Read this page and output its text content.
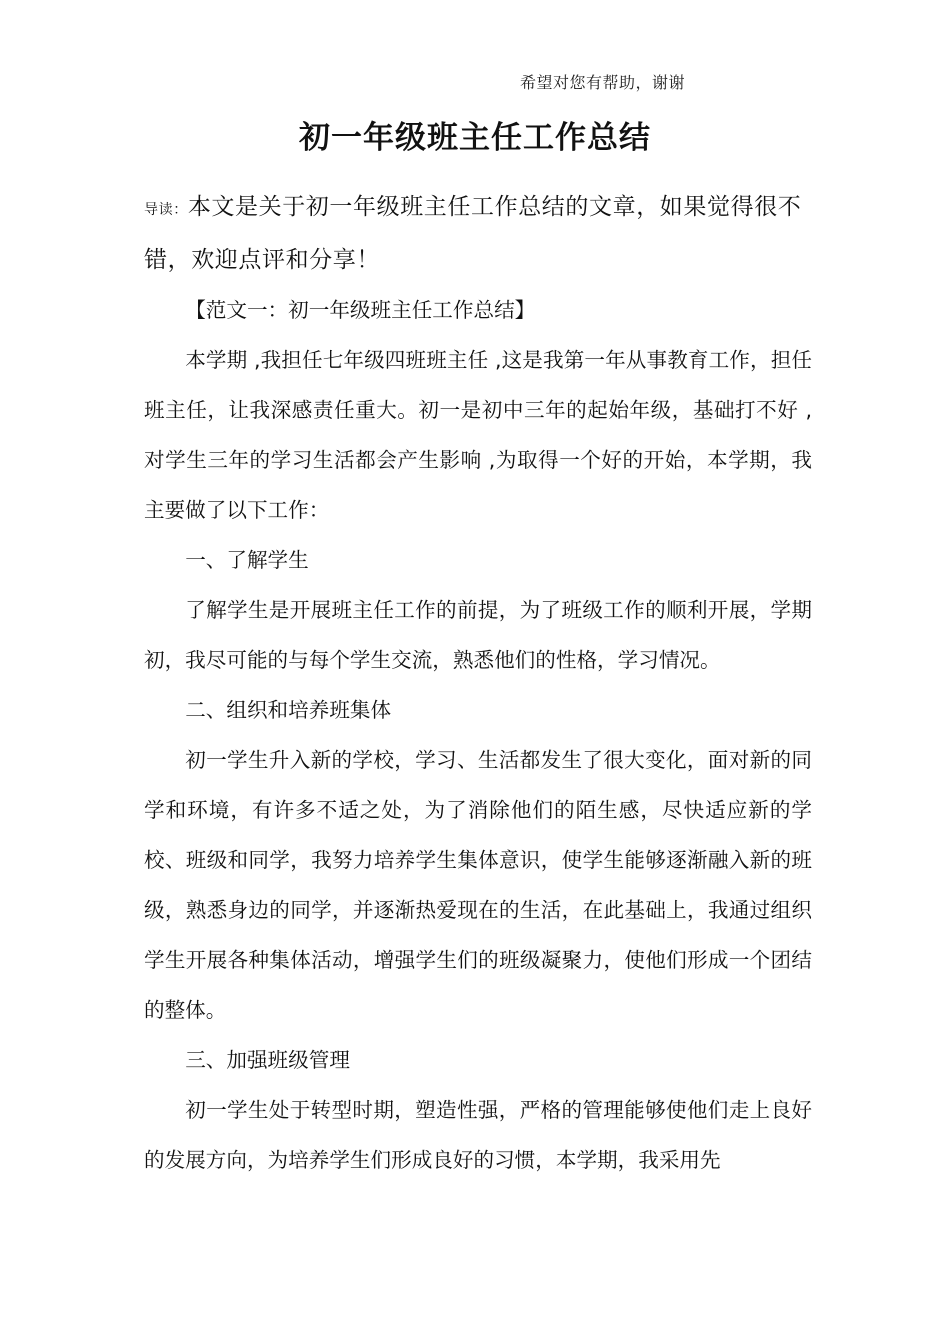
希望对您有帮助，谢谢
初一年级班主任工作总结

导读：本文是关于初一年级班主任工作总结的文章，如果觉得很不错，欢迎点评和分享！

【范文一：初一年级班主任工作总结】

本学期 ,我担任七年级四班班主任 ,这是我第一年从事教育工作，担任班主任，让我深感责任重大。初一是初中三年的起始年级，基础打不好 ,对学生三年的学习生活都会产生影响 ,为取得一个好的开始，本学期，我主要做了以下工作：

一、了解学生

了解学生是开展班主任工作的前提，为了班级工作的顺利开展，学期初，我尽可能的与每个学生交流，熟悉他们的性格，学习情况。

二、组织和培养班集体

初一学生升入新的学校，学习、生活都发生了很大变化，面对新的同学和环境，有许多不适之处，为了消除他们的陌生感，尽快适应新的学校、班级和同学，我努力培养学生集体意识，使学生能够逐渐融入新的班级，熟悉身边的同学，并逐渐热爱现在的生活，在此基础上，我通过组织学生开展各种集体活动，增强学生们的班级凝聚力，使他们形成一个团结的整体。

三、加强班级管理

初一学生处于转型时期，塑造性强，严格的管理能够使他们走上良好的发展方向，为培养学生们形成良好的习惯，本学期，我采用先
